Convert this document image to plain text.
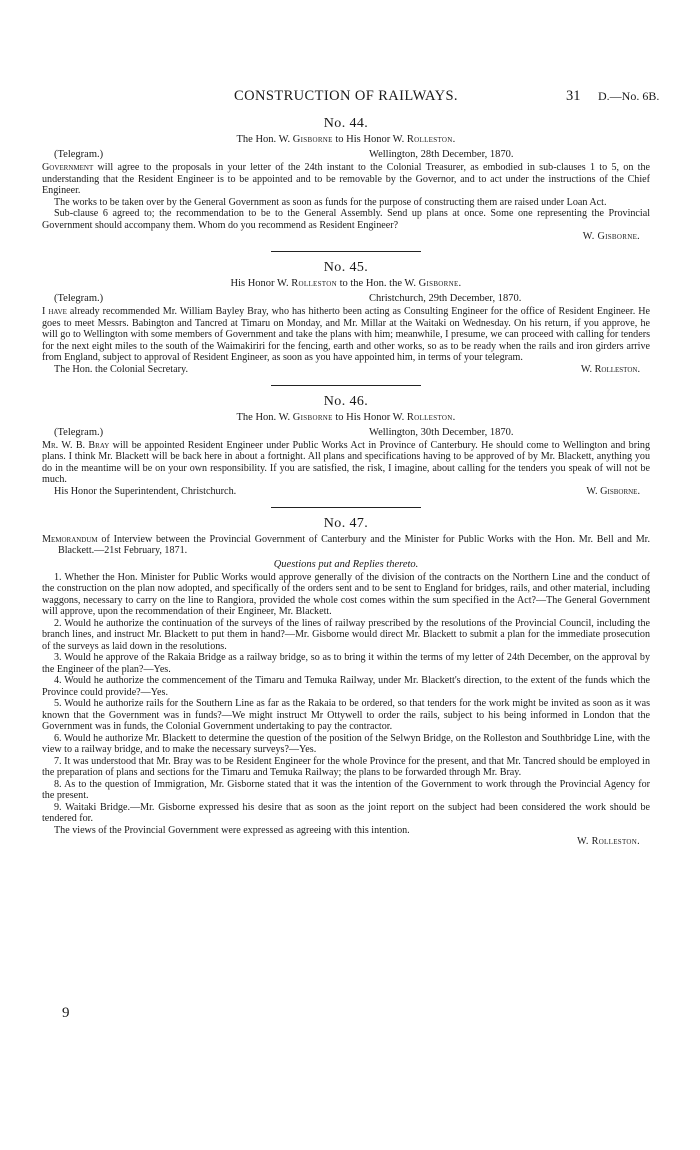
CONSTRUCTION OF RAILWAYS.	31 D.—No. 6B.
No. 44.
The Hon. W. Gisborne to His Honor W. Rolleston.
(Telegram.)	Wellington, 28th December, 1870.

Government will agree to the proposals in your letter of the 24th instant to the Colonial Treasurer, as embodied in sub-clauses 1 to 5, on the understanding that the Resident Engineer is to be appointed and to be removable by the Governor, and to act under the instructions of the Chief Engineer.

The works to be taken over by the General Government as soon as funds for the purpose of constructing them are raised under Loan Act.

Sub-clause 6 agreed to; the recommendation to be to the General Assembly. Send up plans at once. Some one representing the Provincial Government should accompany them. Whom do you recommend as Resident Engineer?

W. Gisborne.
No. 45.
His Honor W. Rolleston to the Hon. the W. Gisborne.
(Telegram.)	Christchurch, 29th December, 1870.

I have already recommended Mr. William Bayley Bray, who has hitherto been acting as Consulting Engineer for the office of Resident Engineer. He goes to meet Messrs. Babington and Tancred at Timaru on Monday, and Mr. Millar at the Waitaki on Wednesday. On his return, if you approve, he will go to Wellington with some members of Government and take the plans with him; meanwhile, I presume, we can proceed with calling for tenders for the next eight miles to the south of the Waimakiriri for the fencing, earth and other works, so as to be ready when the rails and iron girders arrive from England, subject to approval of Resident Engineer, as soon as you have appointed him, in terms of your telegram.

The Hon. the Colonial Secretary.	W. Rolleston.
No. 46.
The Hon. W. Gisborne to His Honor W. Rolleston.
(Telegram.)	Wellington, 30th December, 1870.

Mr. W. B. Bray will be appointed Resident Engineer under Public Works Act in Province of Canterbury. He should come to Wellington and bring plans. I think Mr. Blackett will be back here in about a fortnight. All plans and specifications having to be approved of by Mr. Blackett, anything you do in the meantime will be on your own responsibility. If you are satisfied, the risk, I imagine, about calling for the tenders you speak of will not be much.

His Honor the Superintendent, Christchurch.	W. Gisborne.
No. 47.

Memorandum of Interview between the Provincial Government of Canterbury and the Minister for Public Works with the Hon. Mr. Bell and Mr. Blackett.—21st February, 1871.

Questions put and Replies thereto.

1. Whether the Hon. Minister for Public Works would approve generally of the division of the contracts on the Northern Line and the conduct of the construction on the plan now adopted, and specifically of the orders sent and to be sent to England for bridges, rails, and other material, including waggons, necessary to carry on the line to Rangiora, provided the whole cost comes within the sum specified in the Act?—The General Government will approve, upon the recommendation of their Engineer, Mr. Blackett.

2. Would he authorize the continuation of the surveys of the lines of railway prescribed by the resolutions of the Provincial Council, including the branch lines, and instruct Mr. Blackett to put them in hand?—Mr. Gisborne would direct Mr. Blackett to submit a plan for the immediate prosecution of the surveys as laid down in the resolutions.

3. Would he approve of the Rakaia Bridge as a railway bridge, so as to bring it within the terms of my letter of 24th December, on the approval by the Engineer of the plan?—Yes.

4. Would he authorize the commencement of the Timaru and Temuka Railway, under Mr. Blackett's direction, to the extent of the funds which the Province could provide?—Yes.

5. Would he authorize rails for the Southern Line as far as the Rakaia to be ordered, so that tenders for the work might be invited as soon as it was known that the Government was in funds?—We might instruct Mr Ottywell to order the rails, subject to his being informed in London that the Government was in funds, the Colonial Government undertaking to pay the contractor.

6. Would he authorize Mr. Blackett to determine the question of the position of the Selwyn Bridge, on the Rolleston and Southbridge Line, with the view to a railway bridge, and to make the necessary surveys?—Yes.

7. It was understood that Mr. Bray was to be Resident Engineer for the whole Province for the present, and that Mr. Tancred should be employed in the preparation of plans and sections for the Timaru and Temuka Railway; the plans to be forwarded through Mr. Bray.

8. As to the question of Immigration, Mr. Gisborne stated that it was the intention of the Government to work through the Provincial Agency for the present.

9. Waitaki Bridge.—Mr. Gisborne expressed his desire that as soon as the joint report on the subject had been considered the work should be tendered for.

The views of the Provincial Government were expressed as agreeing with this intention.

W. Rolleston.
9
